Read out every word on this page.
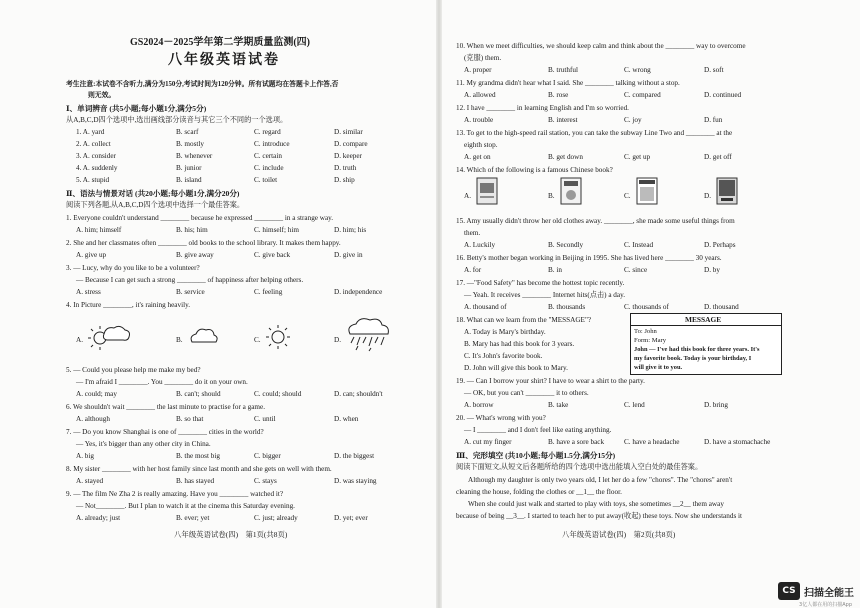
GS2024－2025学年第二学期质量监测(四)
八年级英语试卷
考生注意:本试卷不含听力,满分为150分,考试时间为120分钟。所有试题均在答题卡上作答,否
则无效。
Ⅰ、单词辨音 (共5小题;每小题1分,满分5分)
从A,B,C,D四个选项中,选出画线部分读音与其它三个不同的一个选项。
1. A. yard	B. scarf	C. regard	D. similar
2. A. collect	B. mostly	C. introduce	D. compare
3. A. consider	B. whenever	C. certain	D. keeper
4. A. suddenly	B. junior	C. include	D. truth
5. A. stupid	B. island	C. toilet	D. ship
Ⅱ、语法与情景对话 (共20小题;每小题1分,满分20分)
阅读下列各题,从A,B,C,D四个选项中选择一个最佳答案。
1. Everyone couldn't understand ________ because he expressed ________ in a strange way.
A. him; himself	B. his; him	C. himself; him	D. him; his
2. She and her classmates often ________ old books to the school library. It makes them happy.
A. give up	B. give away	C. give back	D. give in
3. — Lucy, why do you like to be a volunteer?
— Because I can get such a strong ________ of happiness after helping others.
A. stress	B. service	C. feeling	D. independence
4. In Picture ________, it's raining heavily.
A.	B.	C.	D.
5. — Could you please help me make my bed?
— I'm afraid I ________. You ________ do it on your own.
A. could; may	B. can't; should	C. could; should	D. can; shouldn't
6. We shouldn't wait ________ the last minute to practise for a game.
A. although	B. so that	C. until	D. when
7. — Do you know Shanghai is one of ________ cities in the world?
— Yes, it's bigger than any other city in China.
A. big	B. the most big	C. bigger	D. the biggest
8. My sister ________ with her host family since last month and she gets on well with them.
A. stayed	B. has stayed	C. stays	D. was staying
9. — The film Ne Zha 2 is really amazing. Have you ________ watched it?
— Not________. But I plan to watch it at the cinema this Saturday evening.
A. already; just	B. ever; yet	C. just; already	D. yet; ever
八年级英语试卷(四)　第1页(共8页)
10. When we meet difficulties, we should keep calm and think about the ________ way to overcome
(克服) them.
A. proper	B. truthful	C. wrong	D. soft
11. My grandma didn't hear what I said. She ________ talking without a stop.
A. allowed	B. rose	C. compared	D. continued
12. I have ________ in learning English and I'm so worried.
A. trouble	B. interest	C. joy	D. fun
13. To get to the high-speed rail station, you can take the subway Line Two and ________ at the
eighth stop.
A. get on	B. get down	C. get up	D. get off
14. Which of the following is a famous Chinese book?
A.	B.	C.	D.
15. Amy usually didn't throw her old clothes away. ________, she made some useful things from
them.
A. Luckily	B. Secondly	C. Instead	D. Perhaps
16. Betty's mother began working in Beijing in 1995. She has lived here ________ 30 years.
A. for	B. in	C. since	D. by
17. —"Food Safety" has become the hottest topic recently.
— Yeah. It receives ________ Internet hits(点击) a day.
A. thousand of	B. thousands	C. thousands of	D. thousand
18. What can we learn from the "MESSAGE"?
A. Today is Mary's birthday.
B. Mary has had this book for 3 years.
C. It's John's favorite book.
D. John will give this book to Mary.
MESSAGE
To: John
Form: Mary
John — I've had this book for three years. It's
my favorite book. Today is your birthday, I
will give it to you.
19. — Can I borrow your shirt? I have to wear a shirt to the party.
— OK, but you can't ________ it to others.
A. borrow	B. take	C. lend	D. bring
20. — What's wrong with you?
— I ________ and I don't feel like eating anything.
A. cut my finger	B. have a sore back	C. have a headache	D. have a stomachache
Ⅲ、完形填空 (共10小题;每小题1.5分,满分15分)
阅读下面短文,从短文后各题所给的四个选项中选出能填入空白处的最佳答案。
Although my daughter is only two years old, I let her do a few "chores". The "chores" aren't
cleaning the house, folding the clothes or __1__ the floor.
When she could just walk and started to play with toys, she sometimes __2__ them away
because of being __3__. I started to teach her to put away(收起) these toys. Now she understands it
八年级英语试卷(四)　第2页(共8页)
CS 扫描全能王
3亿人都在用的扫描App
